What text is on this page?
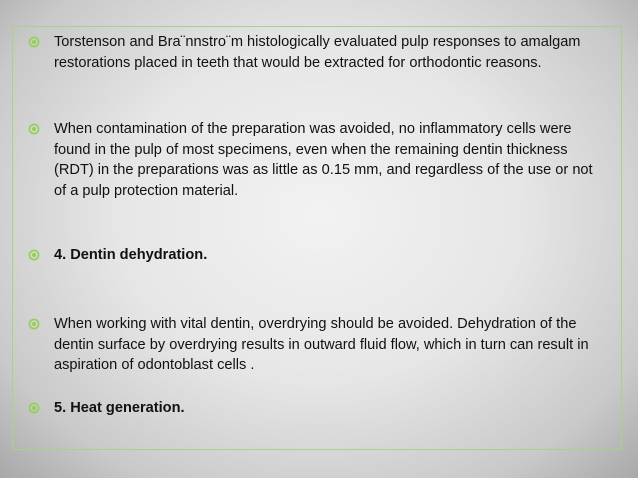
Torstenson and Bra¨nnstro¨m histologically evaluated pulp responses to amalgam restorations placed in teeth that would be extracted for orthodontic reasons.
When contamination of the preparation was avoided, no inflammatory cells were found in the pulp of most specimens, even when the remaining dentin thickness (RDT) in the preparations was as little as 0.15 mm, and regardless of the use or not of a pulp protection material.
4. Dentin dehydration.
When working with vital dentin, overdrying should be avoided. Dehydration of the dentin surface by overdrying results in outward fluid flow, which in turn can result in aspiration of odontoblast cells .
5. Heat generation.
